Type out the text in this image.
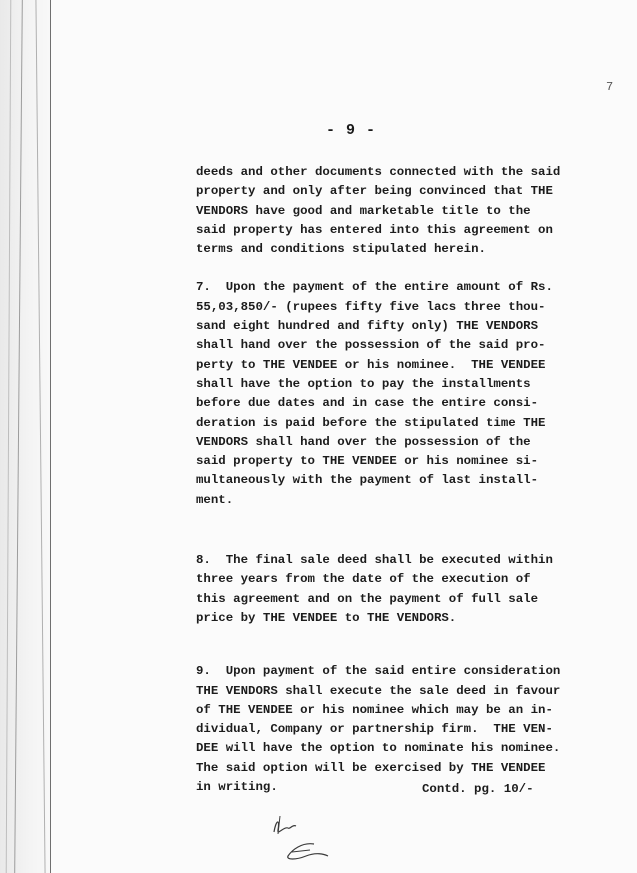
7
- 9 -
deeds and other documents connected with the said
property and only after being convinced that THE
VENDORS have good and marketable title to the
said property has entered into this agreement on
terms and conditions stipulated herein.
7.  Upon the payment of the entire amount of Rs.
55,03,850/- (rupees fifty five lacs three thou-
sand eight hundred and fifty only) THE VENDORS
shall hand over the possession of the said pro-
perty to THE VENDEE or his nominee.  THE VENDEE
shall have the option to pay the installments
before due dates and in case the entire consi-
deration is paid before the stipulated time THE
VENDORS shall hand over the possession of the
said property to THE VENDEE or his nominee si-
multaneously with the payment of last install-
ment.
8.  The final sale deed shall be executed within
three years from the date of the execution of
this agreement and on the payment of full sale
price by THE VENDEE to THE VENDORS.
9.  Upon payment of the said entire consideration
THE VENDORS shall execute the sale deed in favour
of THE VENDEE or his nominee which may be an in-
dividual, Company or partnership firm.  THE VEN-
DEE will have the option to nominate his nominee.
The said option will be exercised by THE VENDEE
in writing.	Contd. pg. 10/-
